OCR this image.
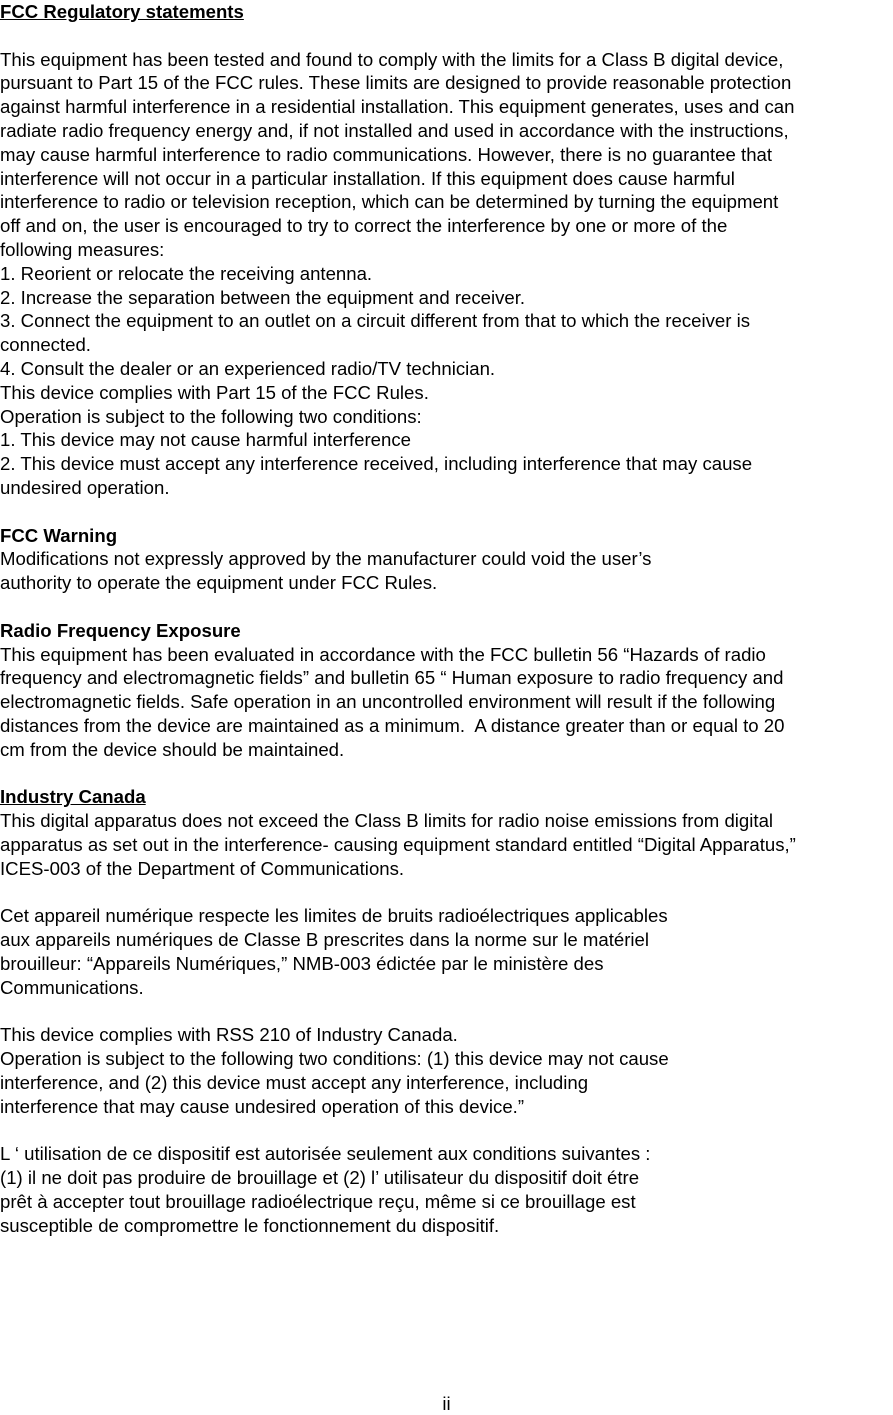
FCC Regulatory statements
This equipment has been tested and found to comply with the limits for a Class B digital device,
pursuant to Part 15 of the FCC rules. These limits are designed to provide reasonable protection
against harmful interference in a residential installation. This equipment generates, uses and can
radiate radio frequency energy and, if not installed and used in accordance with the instructions,
may cause harmful interference to radio communications. However, there is no guarantee that
interference will not occur in a particular installation. If this equipment does cause harmful
interference to radio or television reception, which can be determined by turning the equipment
off and on, the user is encouraged to try to correct the interference by one or more of the
following measures:
1. Reorient or relocate the receiving antenna.
2. Increase the separation between the equipment and receiver.
3. Connect the equipment to an outlet on a circuit different from that to which the receiver is
connected.
4. Consult the dealer or an experienced radio/TV technician.
This device complies with Part 15 of the FCC Rules.
Operation is subject to the following two conditions:
1. This device may not cause harmful interference
2. This device must accept any interference received, including interference that may cause
undesired operation.
FCC Warning
Modifications not expressly approved by the manufacturer could void the user’s
authority to operate the equipment under FCC Rules.
Radio Frequency Exposure
This equipment has been evaluated in accordance with the FCC bulletin 56 “Hazards of radio
frequency and electromagnetic fields” and bulletin 65 “ Human exposure to radio frequency and
electromagnetic fields. Safe operation in an uncontrolled environment will result if the following
distances from the device are maintained as a minimum.  A distance greater than or equal to 20
cm from the device should be maintained.
Industry Canada
This digital apparatus does not exceed the Class B limits for radio noise emissions from digital
apparatus as set out in the interference- causing equipment standard entitled “Digital Apparatus,”
ICES-003 of the Department of Communications.
Cet appareil numérique respecte les limites de bruits radioélectriques applicables
aux appareils numériques de Classe B prescrites dans la norme sur le matériel
brouilleur: “Appareils Numériques,” NMB-003 édictée par le ministère des
Communications.
This device complies with RSS 210 of Industry Canada.
Operation is subject to the following two conditions: (1) this device may not cause
interference, and (2) this device must accept any interference, including
interference that may cause undesired operation of this device.”
L ‘ utilisation de ce dispositif est autorisée seulement aux conditions suivantes :
(1) il ne doit pas produire de brouillage et (2) l’ utilisateur du dispositif doit étre
prêt à accepter tout brouillage radioélectrique reçu, même si ce brouillage est
susceptible de compromettre le fonctionnement du dispositif.
ii
